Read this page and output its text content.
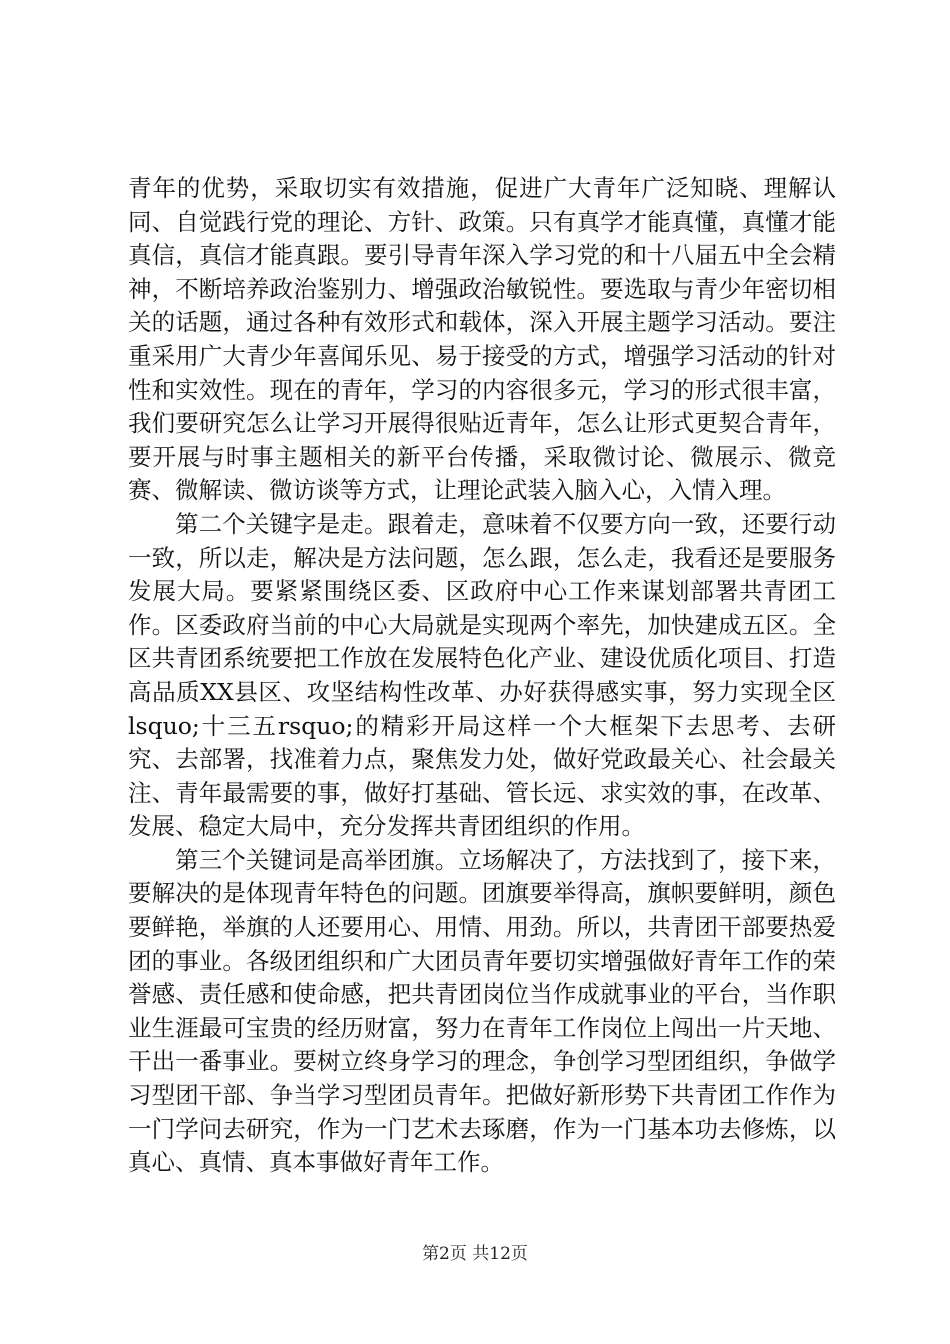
青年的优势，采取切实有效措施，促进广大青年广泛知晓、理解认同、自觉践行党的理论、方针、政策。只有真学才能真懂，真懂才能真信，真信才能真跟。要引导青年深入学习党的和十八届五中全会精神，不断培养政治鉴别力、增强政治敏锐性。要选取与青少年密切相关的话题，通过各种有效形式和载体，深入开展主题学习活动。要注重采用广大青少年喜闻乐见、易于接受的方式，增强学习活动的针对性和实效性。现在的青年，学习的内容很多元，学习的形式很丰富，我们要研究怎么让学习开展得很贴近青年，怎么让形式更契合青年，要开展与时事主题相关的新平台传播，采取微讨论、微展示、微竞赛、微解读、微访谈等方式，让理论武装入脑入心，入情入理。

第二个关键字是走。跟着走，意味着不仅要方向一致，还要行动一致，所以走，解决是方法问题，怎么跟，怎么走，我看还是要服务发展大局。要紧紧围绕区委、区政府中心工作来谋划部署共青团工作。区委政府当前的中心大局就是实现两个率先，加快建成五区。全区共青团系统要把工作放在发展特色化产业、建设优质化项目、打造高品质XX县区、攻坚结构性改革、办好获得感实事，努力实现全区lsquo;十三五rsquo;的精彩开局这样一个大框架下去思考、去研究、去部署，找准着力点，聚焦发力处，做好党政最关心、社会最关注、青年最需要的事，做好打基础、管长远、求实效的事，在改革、发展、稳定大局中，充分发挥共青团组织的作用。

第三个关键词是高举团旗。立场解决了，方法找到了，接下来，要解决的是体现青年特色的问题。团旗要举得高，旗帜要鲜明，颜色要鲜艳，举旗的人还要用心、用情、用劲。所以，共青团干部要热爱团的事业。各级团组织和广大团员青年要切实增强做好青年工作的荣誉感、责任感和使命感，把共青团岗位当作成就事业的平台，当作职业生涯最可宝贵的经历财富，努力在青年工作岗位上闯出一片天地、干出一番事业。要树立终身学习的理念，争创学习型团组织，争做学习型团干部、争当学习型团员青年。把做好新形势下共青团工作作为一门学问去研究，作为一门艺术去琢磨，作为一门基本功去修炼，以真心、真情、真本事做好青年工作。

第2页 共12页
